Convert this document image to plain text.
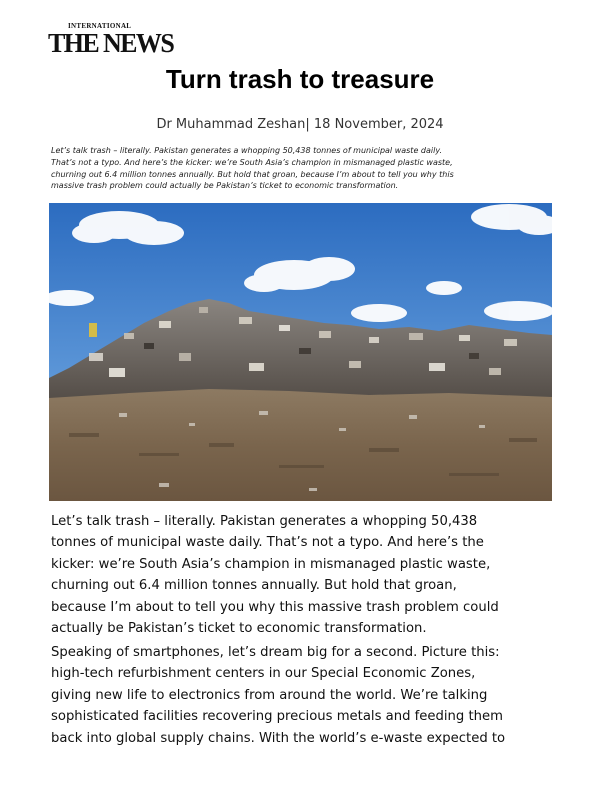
INTERNATIONAL
THE NEWS
Turn trash to treasure
Dr Muhammad Zeshan| 18 November, 2024
Let’s talk trash – literally. Pakistan generates a whopping 50,438 tonnes of municipal waste daily.
That’s not a typo. And here’s the kicker: we’re South Asia’s champion in mismanaged plastic waste,
churning out 6.4 million tonnes annually. But hold that groan, because I’m about to tell you why this
massive trash problem could actually be Pakistan’s ticket to economic transformation.
Let’s talk trash – literally. Pakistan generates a whopping 50,438
tonnes of municipal waste daily. That’s not a typo. And here’s the
kicker: we’re South Asia’s champion in mismanaged plastic waste,
churning out 6.4 million tonnes annually. But hold that groan,
because I’m about to tell you why this massive trash problem could
actually be Pakistan’s ticket to economic transformation.
Speaking of smartphones, let’s dream big for a second. Picture this:
high-tech refurbishment centers in our Special Economic Zones,
giving new life to electronics from around the world. We’re talking
sophisticated facilities recovering precious metals and feeding them
back into global supply chains. With the world’s e-waste expected to
